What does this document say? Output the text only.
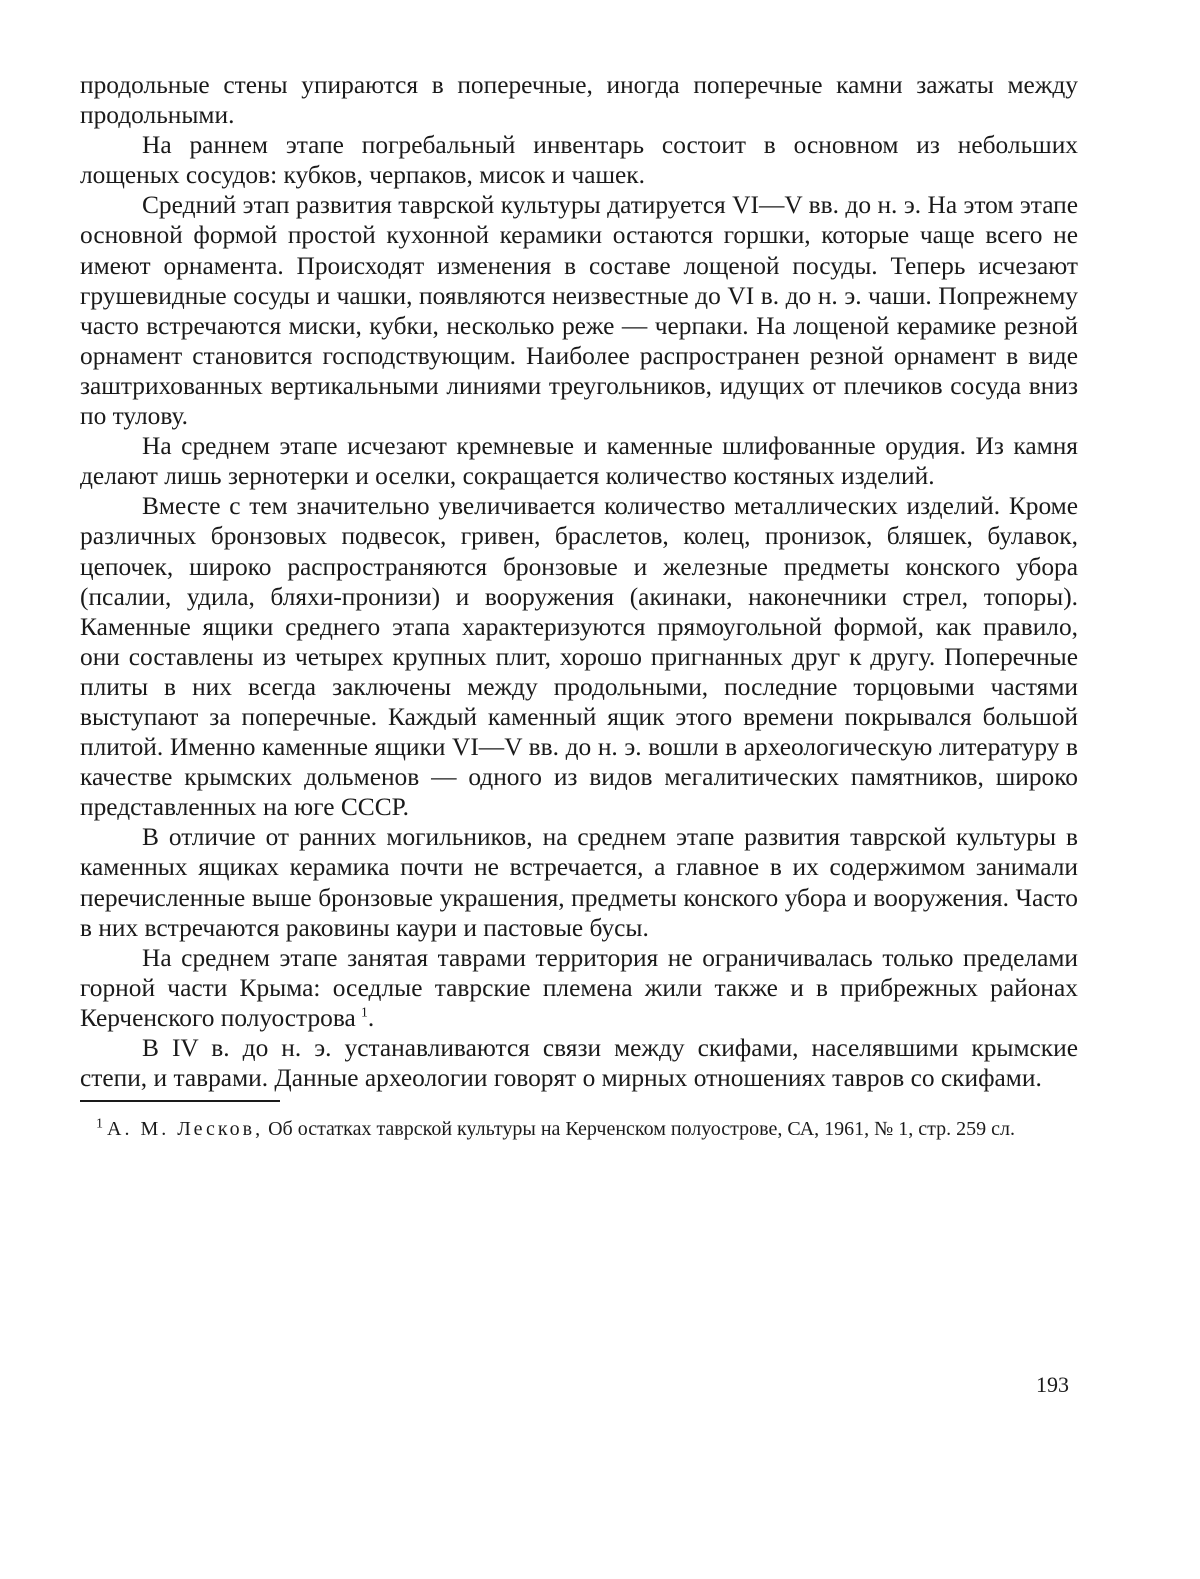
продольные стены упираются в поперечные, иногда поперечные камни зажаты между продольными.

На раннем этапе погребальный инвентарь состоит в основном из небольших лощеных сосудов: кубков, черпаков, мисок и чашек.

Средний этап развития таврской культуры датируется VI—V вв. до н. э. На этом этапе основной формой простой кухонной керамики остаются горшки, которые чаще всего не имеют орнамента. Происходят изменения в составе лощеной посуды. Теперь исчезают грушевидные сосуды и чашки, появляются неизвестные до VI в. до н. э. чаши. Попрежнему часто встречаются миски, кубки, несколько реже — черпаки. На лощеной керамике резной орнамент становится господствующим. Наиболее распространен резной орнамент в виде заштрихованных вертикальными линиями треугольников, идущих от плечиков сосуда вниз по тулову.

На среднем этапе исчезают кремневые и каменные шлифованные орудия. Из камня делают лишь зернотерки и оселки, сокращается количество костяных изделий.

Вместе с тем значительно увеличивается количество металлических изделий. Кроме различных бронзовых подвесок, гривен, браслетов, колец, пронизок, бляшек, булавок, цепочек, широко распространяются бронзовые и железные предметы конского убора (псалии, удила, бляхи-пронизи) и вооружения (акинаки, наконечники стрел, топоры). Каменные ящики среднего этапа характеризуются прямоугольной формой, как правило, они составлены из четырех крупных плит, хорошо пригнанных друг к другу. Поперечные плиты в них всегда заключены между продольными, последние торцовыми частями выступают за поперечные. Каждый каменный ящик этого времени покрывался большой плитой. Именно каменные ящики VI—V вв. до н. э. вошли в археологическую литературу в качестве крымских дольменов — одного из видов мегалитических памятников, широко представленных на юге СССР.

В отличие от ранних могильников, на среднем этапе развития таврской культуры в каменных ящиках керамика почти не встречается, а главное в их содержимом занимали перечисленные выше бронзовые украшения, предметы конского убора и вооружения. Часто в них встречаются раковины каури и пастовые бусы.

На среднем этапе занятая таврами территория не ограничивалась только пределами горной части Крыма: оседлые таврские племена жили также и в прибрежных районах Керченского полуострова  $^1$.

В IV в. до н. э. устанавливаются связи между скифами, населявшими крымские степи, и таврами. Данные археологии говорят о мирных отношениях тавров со скифами.

$^1$  А. М. Лесков, Об остатках таврской культуры на Керченском полуострове, СА, 1961, № 1, стр. 259 сл.

193
